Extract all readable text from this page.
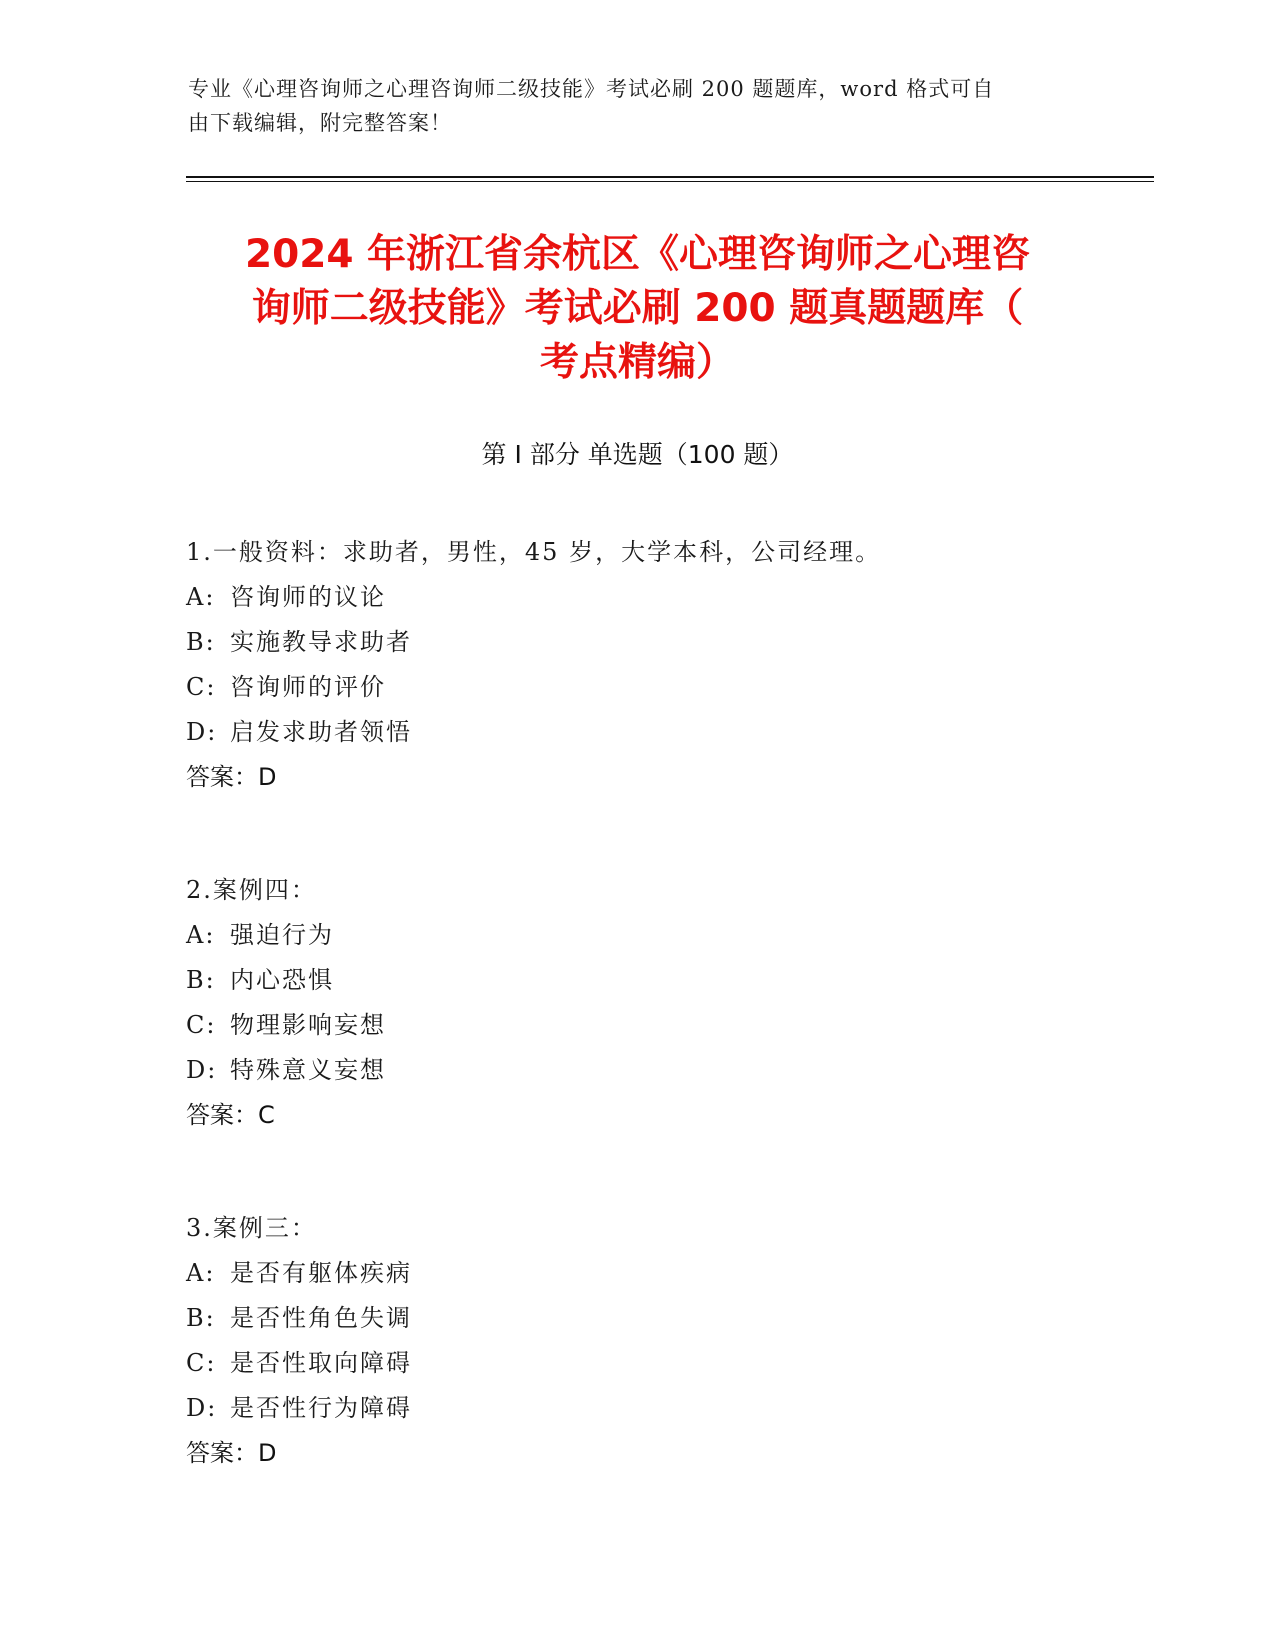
专业《心理咨询师之心理咨询师二级技能》考试必刷 200 题题库，word 格式可自
由下载编辑，附完整答案！
2024 年浙江省余杭区《心理咨询师之心理咨
询师二级技能》考试必刷 200 题真题题库（
考点精编）
第 I 部分 单选题（100 题）
1.一般资料：求助者，男性，45 岁，大学本科，公司经理。
A: 咨询师的议论
B: 实施教导求助者
C: 咨询师的评价
D: 启发求助者领悟
答案：D
2.案例四：
A: 强迫行为
B: 内心恐惧
C: 物理影响妄想
D: 特殊意义妄想
答案：C
3.案例三：
A: 是否有躯体疾病
B: 是否性角色失调
C: 是否性取向障碍
D: 是否性行为障碍
答案：D
